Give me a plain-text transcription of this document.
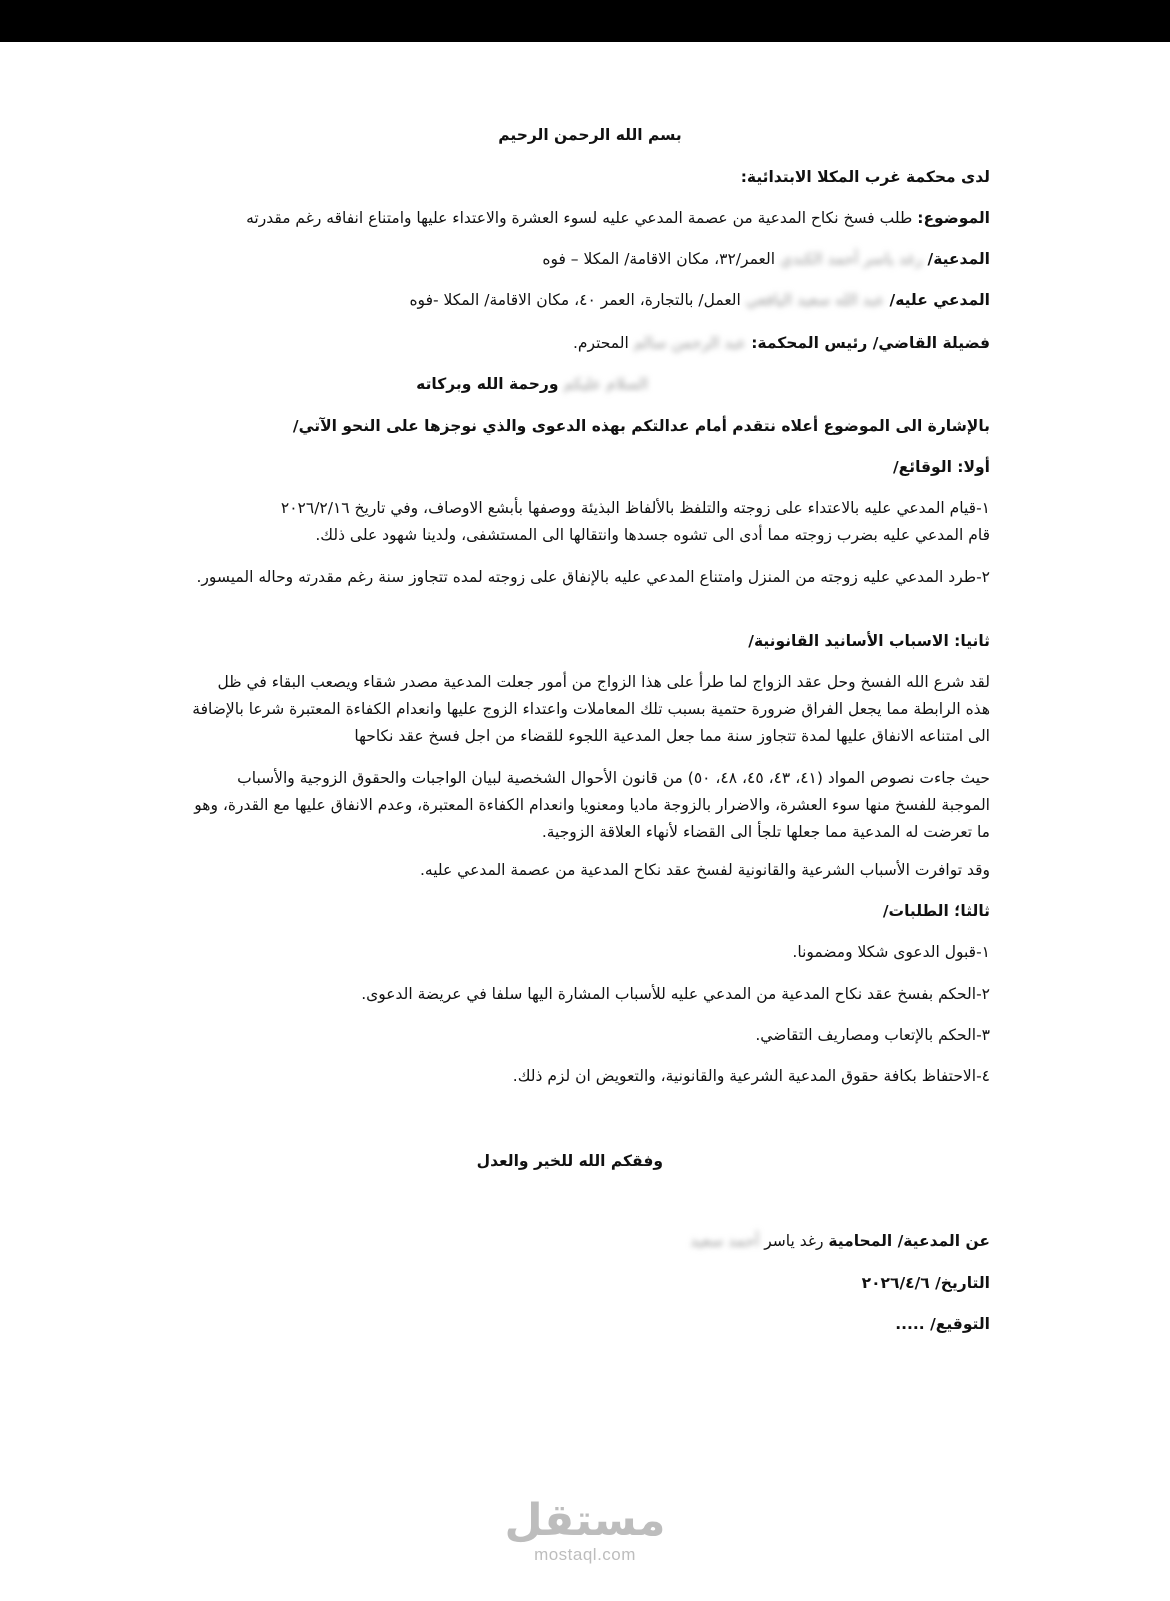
بسم الله الرحمن الرحيم

لدى محكمة غرب المكلا الابتدائية:

الموضوع: طلب فسخ نكاح المدعية من عصمة المدعي عليه لسوء العشرة والاعتداء عليها وامتناع انفاقه رغم مقدرته

المدعية/ رغد ياسر أحمد الكندي العمر/٣٢، مكان الاقامة/ المكلا – فوه

المدعي عليه/ عبد الله سعيد اليافعي العمل/ بالتجارة، العمر ٤٠، مكان الاقامة/ المكلا -فوه

فضيلة القاضي/ رئيس المحكمة: عبد الرحمن سالم المحترم.

السلام عليكم ورحمة الله وبركاته

بالإشارة الى الموضوع أعلاه نتقدم أمام عدالتكم بهذه الدعوى والذي نوجزها على النحو الآتي/

أولا: الوقائع/

١-قيام المدعي عليه بالاعتداء على زوجته والتلفظ بالألفاظ البذيئة ووصفها بأبشع الاوصاف، وفي تاريخ ٢٠٢٦/٢/١٦

قام المدعي عليه بضرب زوجته مما أدى الى تشوه جسدها وانتقالها الى المستشفى، ولدينا شهود على ذلك.

٢-طرد المدعي عليه زوجته من المنزل وامتناع المدعي عليه بالإنفاق على زوجته لمده تتجاوز سنة رغم مقدرته وحاله الميسور.

ثانيا: الاسباب الأسانيد القانونية/

لقد شرع الله الفسخ وحل عقد الزواج لما طرأ على هذا الزواج من أمور جعلت المدعية مصدر شقاء ويصعب البقاء في ظل هذه الرابطة مما يجعل الفراق ضرورة حتمية بسبب تلك المعاملات واعتداء الزوج عليها وانعدام الكفاءة المعتبرة شرعا بالإضافة الى امتناعه الانفاق عليها لمدة تتجاوز سنة مما جعل المدعية اللجوء للقضاء من اجل فسخ عقد نكاحها

حيث جاءت نصوص المواد (٤١، ٤٣، ٤٥، ٤٨، ٥٠) من قانون الأحوال الشخصية لبيان الواجبات والحقوق الزوجية والأسباب الموجبة للفسخ منها سوء العشرة، والاضرار بالزوجة ماديا ومعنويا وانعدام الكفاءة المعتبرة، وعدم الانفاق عليها مع القدرة، وهو ما تعرضت له المدعية مما جعلها تلجأ الى القضاء لأنهاء العلاقة الزوجية.

وقد توافرت الأسباب الشرعية والقانونية لفسخ عقد نكاح المدعية من عصمة المدعي عليه.

ثالثا؛ الطلبات/

١-قبول الدعوى شكلا ومضمونا.

٢-الحكم بفسخ عقد نكاح المدعية من المدعي عليه للأسباب المشارة اليها سلفا في عريضة الدعوى.

٣-الحكم بالإتعاب ومصاريف التقاضي.

٤-الاحتفاظ بكافة حقوق المدعية الشرعية والقانونية، والتعويض ان لزم ذلك.

وفقكم الله للخير والعدل

عن المدعية/ المحامية رغد ياسر أحمد سعيد

التاريخ/ ٢٠٢٦/٤/٦

التوقيع/ .....

مستقل
mostaql.com
